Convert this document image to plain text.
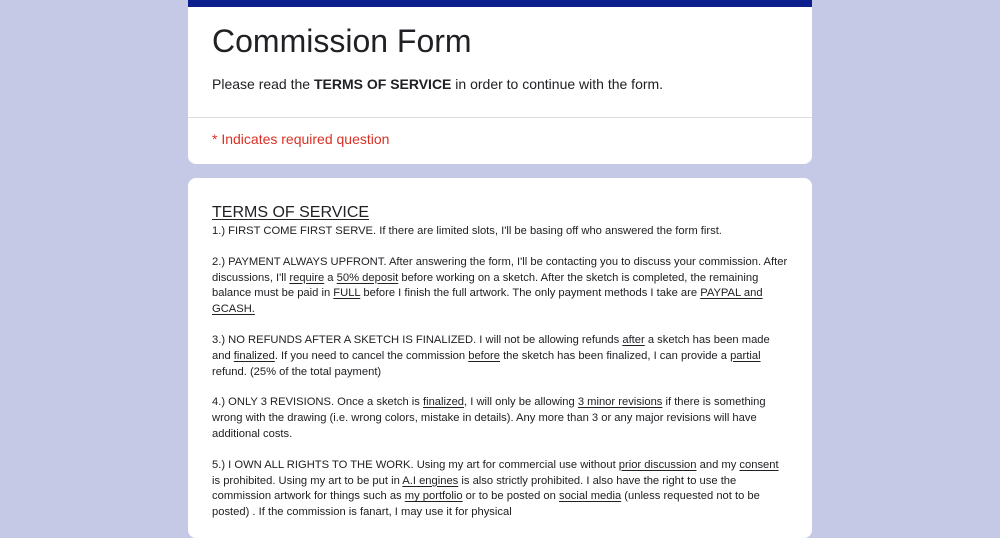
Commission Form

Please read the TERMS OF SERVICE in order to continue with the form.

* Indicates required question

TERMS OF SERVICE

1.) FIRST COME FIRST SERVE. If there are limited slots, I'll be basing off who answered the form first.

2.) PAYMENT ALWAYS UPFRONT. After answering the form, I'll be contacting you to discuss your commission. After discussions, I'll require a 50% deposit before working on a sketch. After the sketch is completed, the remaining balance must be paid in FULL before I finish the full artwork. The only payment methods I take are PAYPAL and GCASH.

3.) NO REFUNDS AFTER A SKETCH IS FINALIZED. I will not be allowing refunds after a sketch has been made and finalized. If you need to cancel the commission before the sketch has been finalized, I can provide a partial refund. (25% of the total payment)

4.) ONLY 3 REVISIONS. Once a sketch is finalized, I will only be allowing 3 minor revisions if there is something wrong with the drawing (i.e. wrong colors, mistake in details). Any more than 3 or any major revisions will have additional costs.

5.) I OWN ALL RIGHTS TO THE WORK. Using my art for commercial use without prior discussion and my consent is prohibited. Using my art to be put in A.I engines is also strictly prohibited. I also have the right to use the commission artwork for things such as my portfolio or to be posted on social media (unless requested not to be posted) . If the commission is fanart, I may use it for physical
